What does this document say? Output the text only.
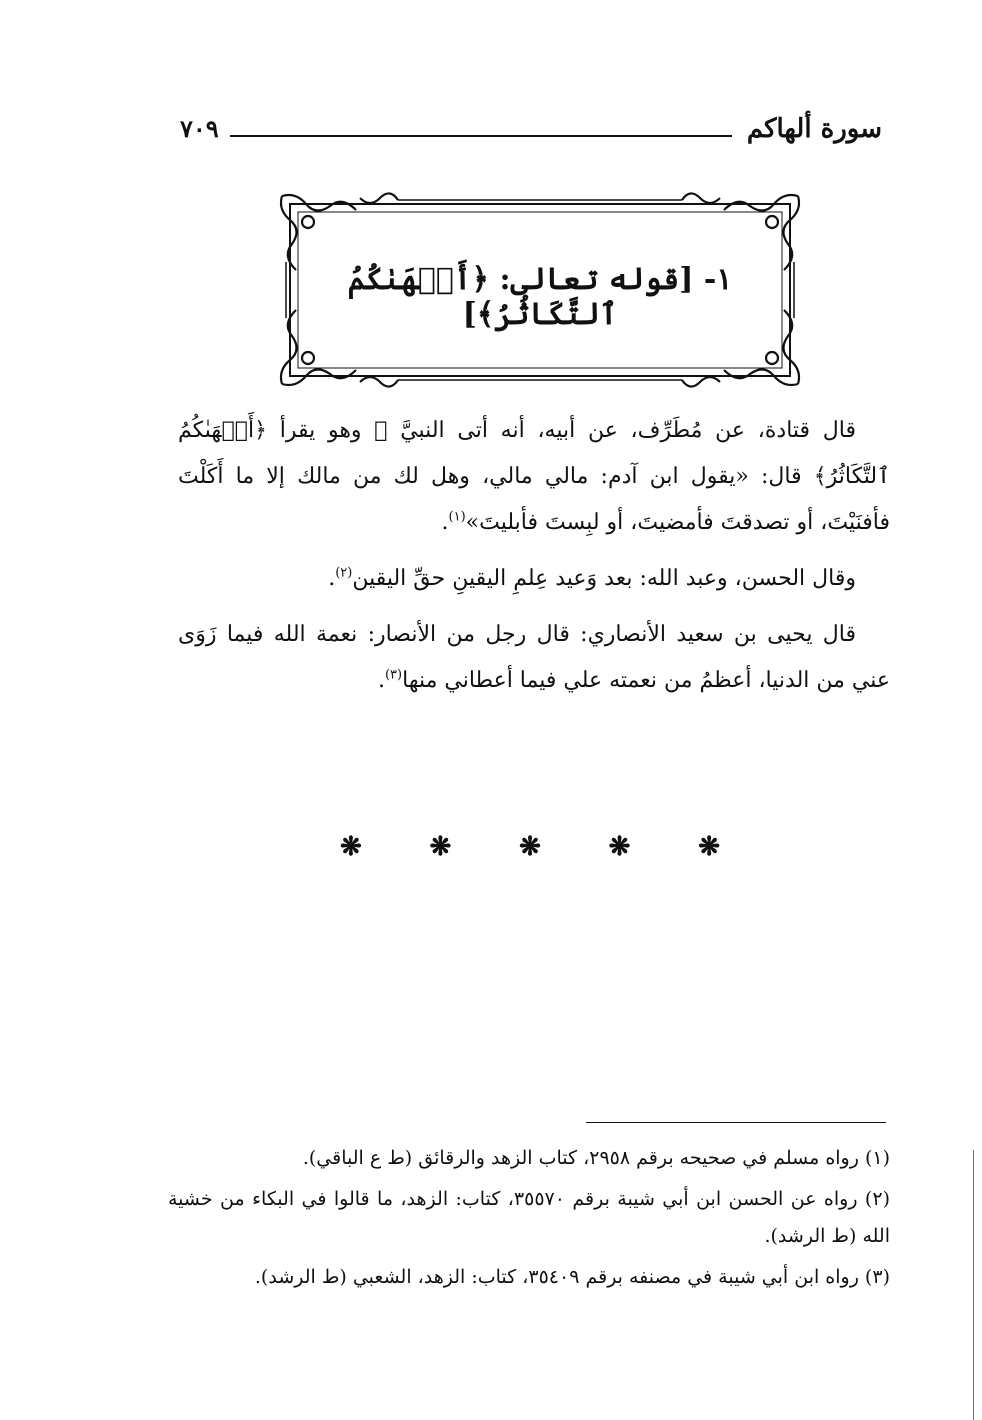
سورة ألهاكم
٧٠٩
١- [قوله تعالى: ﴿أَلۡهَىٰكُمُ ٱلتَّكَاثُرُ﴾]

قال قتادة، عن مُطَرِّف، عن أبيه، أنه أتى النبيَّ ﷺ وهو يقرأ ﴿أَلۡهَىٰكُمُ ٱلتَّكَاثُرُ﴾ قال: «يقول ابن آدم: مالي مالي، وهل لك من مالك إلا ما أَكَلْتَ فأفنَيْتَ، أو تصدقتَ فأمضيتَ، أو لبِستَ فأبليتَ»$^{(١)}$.

وقال الحسن، وعبد الله: بعد وَعيد عِلمِ اليقينِ حقِّ اليقين$^{(٢)}$.

قال يحيى بن سعيد الأنصاري: قال رجل من الأنصار: نعمة الله فيما زَوَى عني من الدنيا، أعظمُ من نعمته علي فيما أعطاني منها$^{(٣)}$.

❋	❋	❋	❋	❋

(١) رواه مسلم في صحيحه برقم ٢٩٥٨، كتاب الزهد والرقائق (ط ع الباقي).

(٢) رواه عن الحسن ابن أبي شيبة برقم ٣٥٥٧٠، كتاب: الزهد، ما قالوا في البكاء من خشية الله (ط الرشد).

(٣) رواه ابن أبي شيبة في مصنفه برقم ٣٥٤٠٩، كتاب: الزهد، الشعبي (ط الرشد).
